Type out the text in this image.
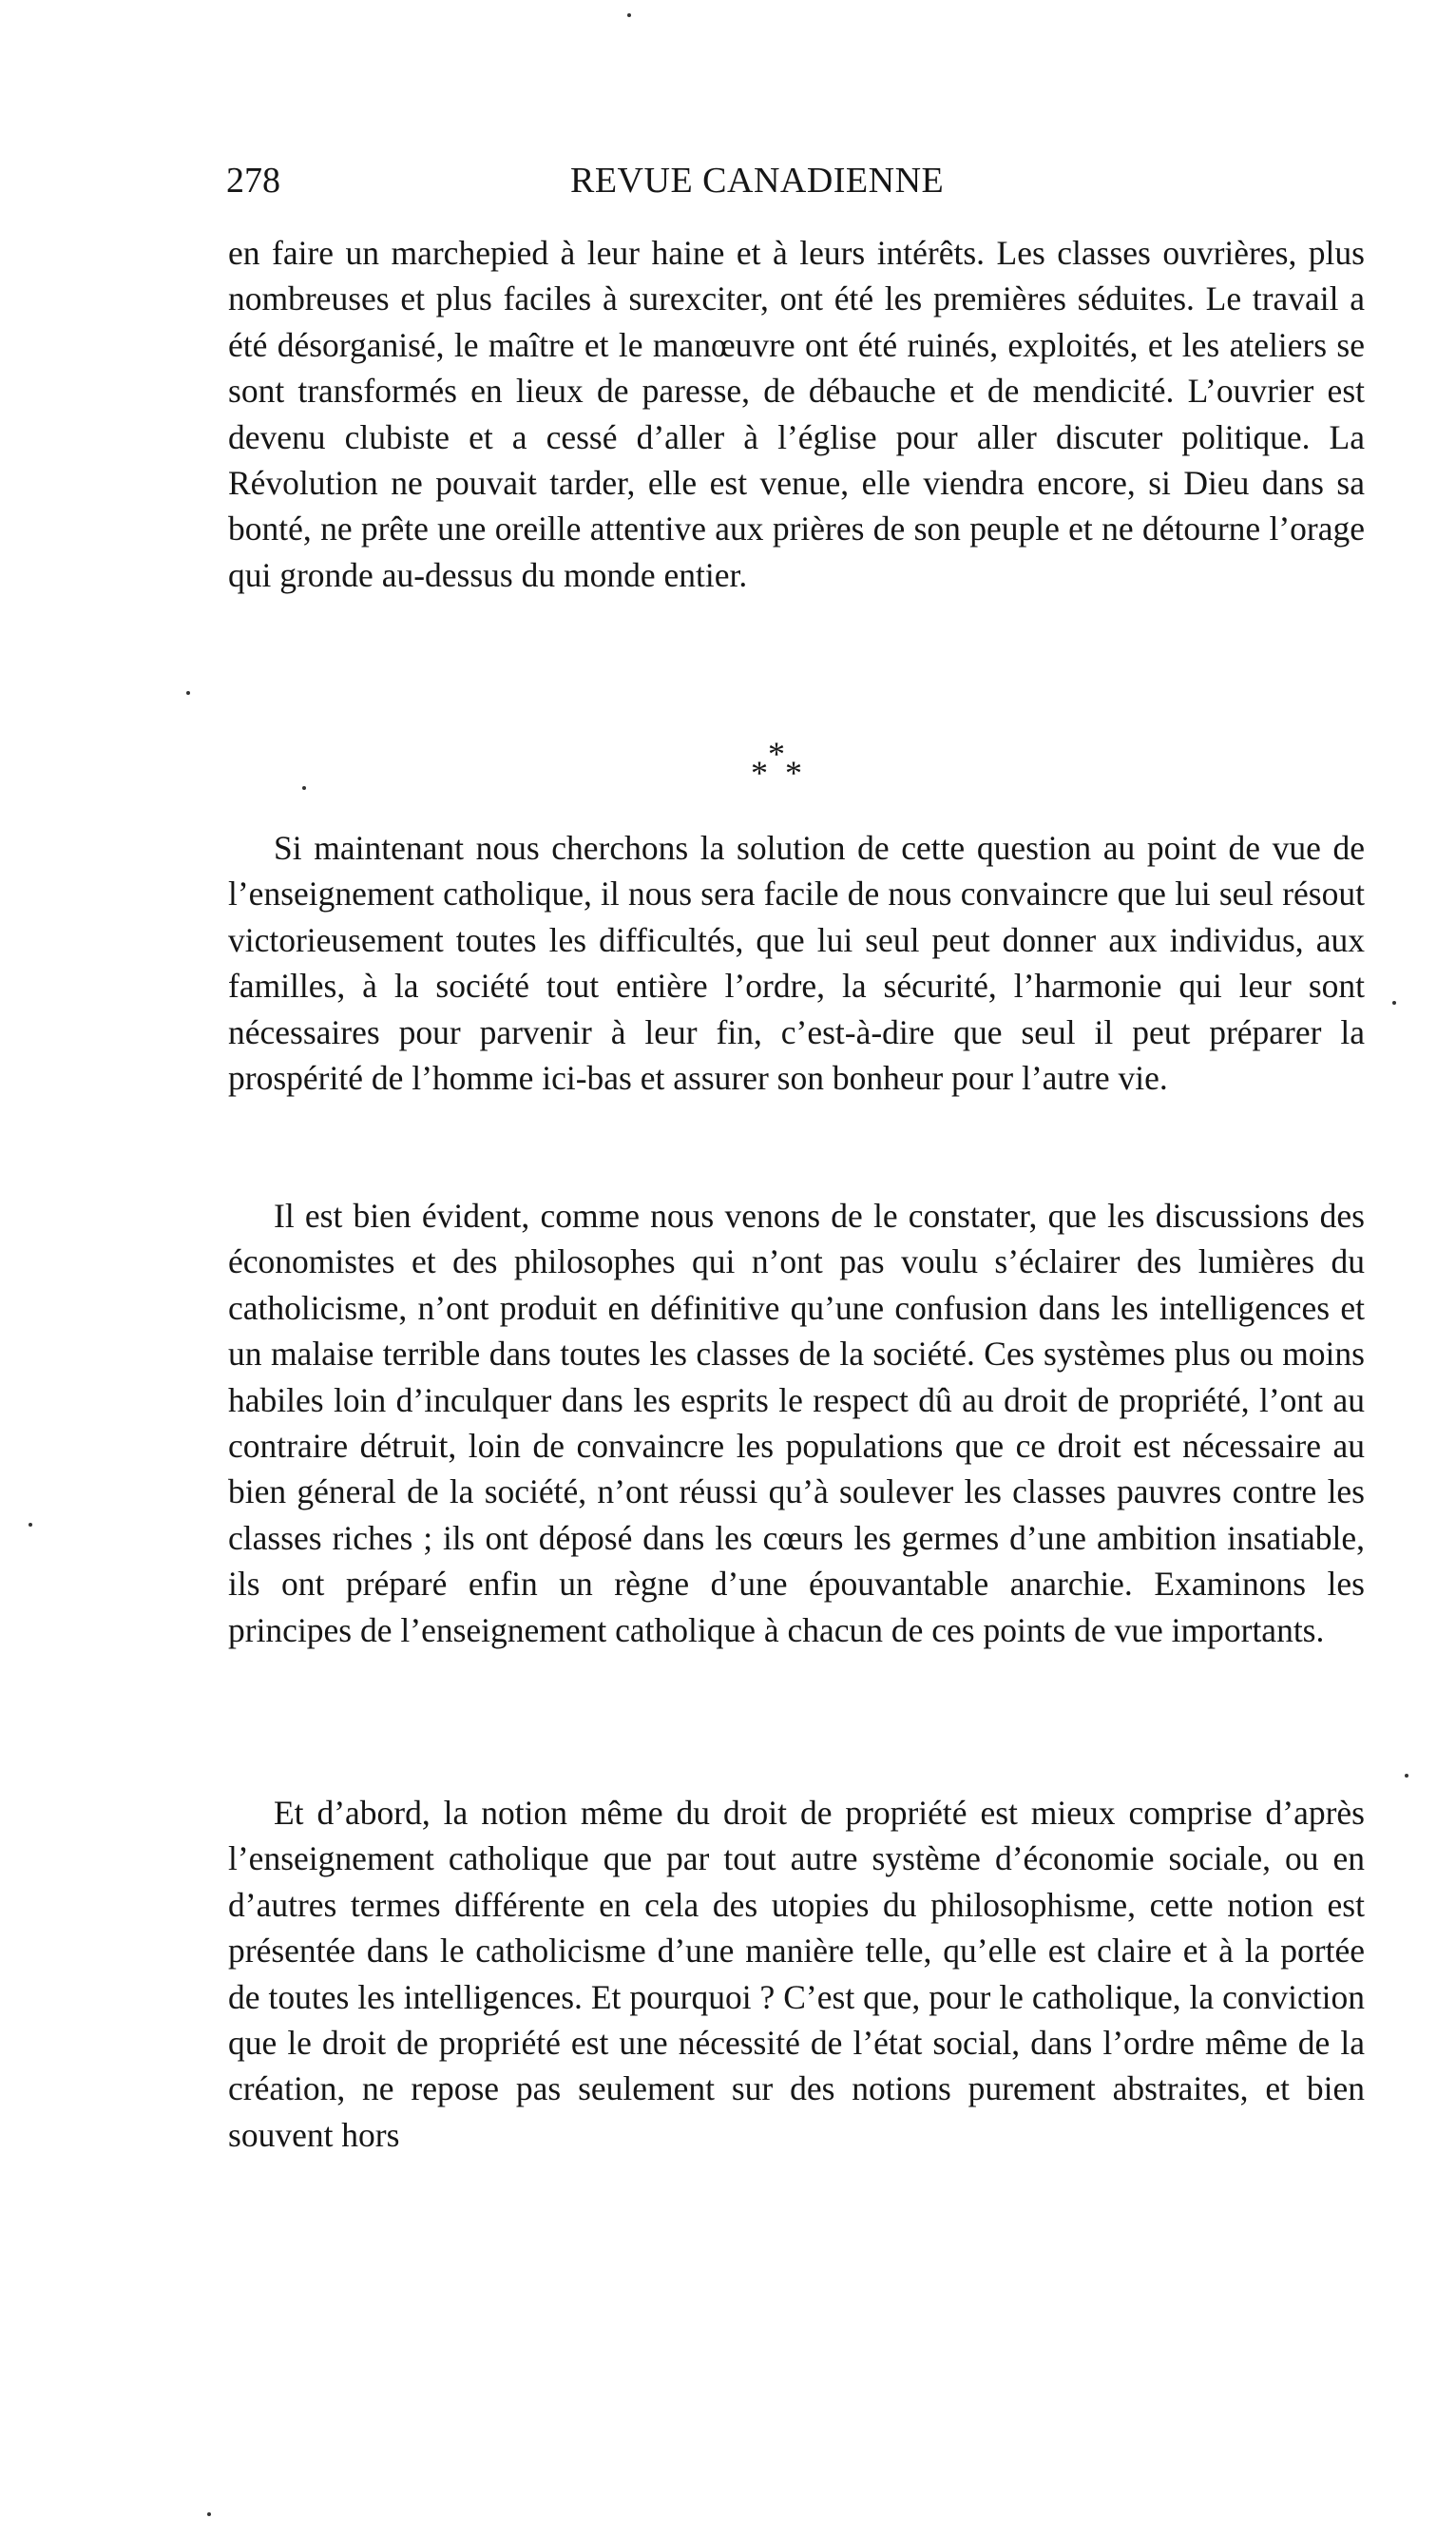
278	REVUE CANADIENNE

en faire un marchepied à leur haine et à leurs intérêts. Les classes ouvrières, plus nombreuses et plus faciles à surexciter, ont été les premières séduites. Le travail a été désorganisé, le maître et le manœuvre ont été ruinés, exploités, et les ateliers se sont transformés en lieux de paresse, de débauche et de mendicité. L’ouvrier est devenu clubiste et a cessé d’aller à l’église pour aller discuter politique. La Révolution ne pouvait tarder, elle est venue, elle viendra encore, si Dieu dans sa bonté, ne prête une oreille attentive aux prières de son peuple et ne détourne l’orage qui gronde au-dessus du monde entier.

*
* *

Si maintenant nous cherchons la solution de cette question au point de vue de l’enseignement catholique, il nous sera facile de nous convaincre que lui seul résout victorieusement toutes les difficultés, que lui seul peut donner aux individus, aux familles, à la société tout entière l’ordre, la sécurité, l’harmonie qui leur sont nécessaires pour parvenir à leur fin, c’est-à-dire que seul il peut préparer la prospérité de l’homme ici-bas et assurer son bonheur pour l’autre vie.

Il est bien évident, comme nous venons de le constater, que les discussions des économistes et des philosophes qui n’ont pas voulu s’éclairer des lumières du catholicisme, n’ont produit en définitive qu’une confusion dans les intelligences et un malaise terrible dans toutes les classes de la société. Ces systèmes plus ou moins habiles loin d’inculquer dans les esprits le respect dû au droit de propriété, l’ont au contraire détruit, loin de convaincre les populations que ce droit est nécessaire au bien géneral de la société, n’ont réussi qu’à soulever les classes pauvres contre les classes riches ; ils ont déposé dans les cœurs les germes d’une ambition insatiable, ils ont préparé enfin un règne d’une épouvantable anarchie. Examinons les principes de l’enseignement catholique à chacun de ces points de vue importants.

Et d’abord, la notion même du droit de propriété est mieux comprise d’après l’enseignement catholique que par tout autre système d’économie sociale, ou en d’autres termes différente en cela des utopies du philosophisme, cette notion est présentée dans le catholicisme d’une manière telle, qu’elle est claire et à la portée de toutes les intelligences. Et pourquoi ? C’est que, pour le catholique, la conviction que le droit de propriété est une nécessité de l’état social, dans l’ordre même de la création, ne repose pas seulement sur des notions purement abstraites, et bien souvent hors
